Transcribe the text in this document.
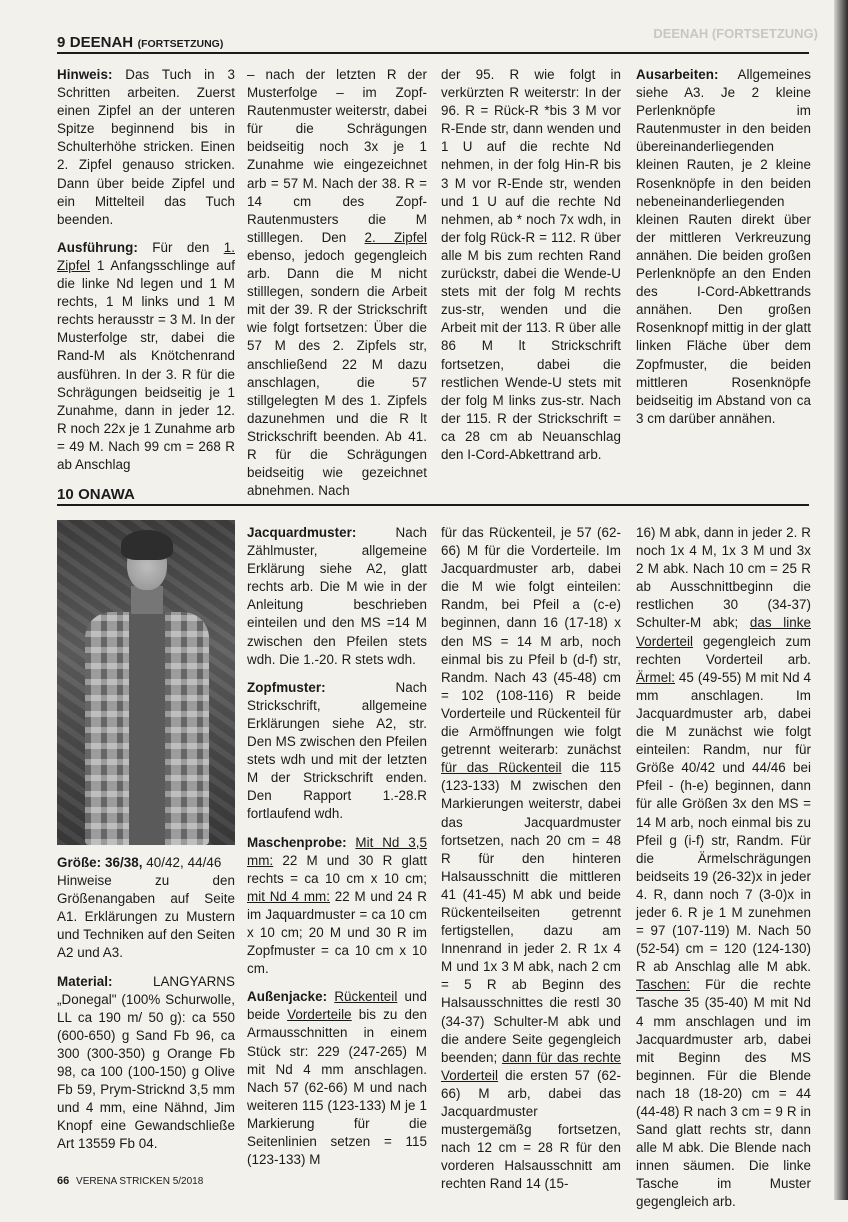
DEENAH (FORTSETZUNG)
9 DEENAH (FORTSETZUNG)

Hinweis: Das Tuch in 3 Schritten arbeiten. Zuerst einen Zipfel an der unteren Spitze beginnend bis in Schulterhöhe stricken. Einen 2. Zipfel genauso stricken. Dann über beide Zipfel und ein Mittelteil das Tuch beenden.

Ausführung: Für den 1. Zipfel 1 Anfangsschlinge auf die linke Nd legen und 1 M rechts, 1 M links und 1 M rechts herausstr = 3 M. In der Musterfolge str, dabei die Rand-M als Knötchenrand ausführen. In der 3. R für die Schrägungen beidseitig je 1 Zunahme, dann in jeder 12. R noch 22x je 1 Zunahme arb = 49 M. Nach 99 cm = 268 R ab Anschlag

– nach der letzten R der Musterfolge – im Zopf-Rautenmuster weiterstr, dabei für die Schrägungen beidseitig noch 3x je 1 Zunahme wie eingezeichnet arb = 57 M. Nach der 38. R = 14 cm des Zopf-Rautenmusters die M stilllegen. Den 2. Zipfel ebenso, jedoch gegengleich arb. Dann die M nicht stilllegen, sondern die Arbeit mit der 39. R der Strickschrift wie folgt fortsetzen: Über die 57 M des 2. Zipfels str, anschließend 22 M dazu anschlagen, die 57 stillgelegten M des 1. Zipfels dazunehmen und die R lt Strickschrift beenden. Ab 41. R für die Schrägungen beidseitig wie gezeichnet abnehmen. Nach

der 95. R wie folgt in verkürzten R weiterstr: In der 96. R = Rück-R *bis 3 M vor R-Ende str, dann wenden und 1 U auf die rechte Nd nehmen, in der folg Hin-R bis 3 M vor R-Ende str, wenden und 1 U auf die rechte Nd nehmen, ab * noch 7x wdh, in der folg Rück-R = 112. R über alle M bis zum rechten Rand zurückstr, dabei die Wende-U stets mit der folg M rechts zus-str, wenden und die Arbeit mit der 113. R über alle 86 M lt Strickschrift fortsetzen, dabei die restlichen Wende-U stets mit der folg M links zus-str. Nach der 115. R der Strickschrift = ca 28 cm ab Neuanschlag den I-Cord-Abkettrand arb.

Ausarbeiten: Allgemeines siehe A3. Je 2 kleine Perlenknöpfe im Rautenmuster in den beiden übereinanderliegenden kleinen Rauten, je 2 kleine Rosenknöpfe in den beiden nebeneinanderliegenden kleinen Rauten direkt über der mittleren Verkreuzung annähen. Die beiden großen Perlenknöpfe an den Enden des I-Cord-Abkettrands annähen. Den großen Rosenknopf mittig in der glatt linken Fläche über dem Zopfmuster, die beiden mittleren Rosenknöpfe beidseitig im Abstand von ca 3 cm darüber annähen.

10 ONAWA

Größe: 36/38, 40/42, 44/46

Hinweise zu den Größenangaben auf Seite A1. Erklärungen zu Mustern und Techniken auf den Seiten A2 und A3.

Material: LANGYARNS „Donegal" (100% Schurwolle, LL ca 190 m/ 50 g): ca 550 (600-650) g Sand Fb 96, ca 300 (300-350) g Orange Fb 98, ca 100 (100-150) g Olive Fb 59, Prym-Stricknd 3,5 mm und 4 mm, eine Nähnd, Jim Knopf eine Gewandschließe Art 13559 Fb 04.

Jacquardmuster: Nach Zählmuster, allgemeine Erklärung siehe A2, glatt rechts arb. Die M wie in der Anleitung beschrieben einteilen und den MS =14 M zwischen den Pfeilen stets wdh. Die 1.-20. R stets wdh.

Zopfmuster: Nach Strickschrift, allgemeine Erklärungen siehe A2, str. Den MS zwischen den Pfeilen stets wdh und mit der letzten M der Strickschrift enden. Den Rapport 1.-28.R fortlaufend wdh.

Maschenprobe: Mit Nd 3,5 mm: 22 M und 30 R glatt rechts = ca 10 cm x 10 cm; mit Nd 4 mm: 22 M und 24 R im Jaquardmuster = ca 10 cm x 10 cm; 20 M und 30 R im Zopfmuster = ca 10 cm x 10 cm.

Außenjacke: Rückenteil und beide Vorderteile bis zu den Armausschnitten in einem Stück str: 229 (247-265) M mit Nd 4 mm anschlagen. Nach 57 (62-66) M und nach weiteren 115 (123-133) M je 1 Markierung für die Seitenlinien setzen = 115 (123-133) M

für das Rückenteil, je 57 (62-66) M für die Vorderteile. Im Jacquardmuster arb, dabei die M wie folgt einteilen: Randm, bei Pfeil a (c-e) beginnen, dann 16 (17-18) x den MS = 14 M arb, noch einmal bis zu Pfeil b (d-f) str, Randm. Nach 43 (45-48) cm = 102 (108-116) R beide Vorderteile und Rückenteil für die Armöffnungen wie folgt getrennt weiterarb: zunächst für das Rückenteil die 115 (123-133) M zwischen den Markierungen weiterstr, dabei das Jacquardmuster fortsetzen, nach 20 cm = 48 R für den hinteren Halsausschnitt die mittleren 41 (41-45) M abk und beide Rückenteilseiten getrennt fertigstellen, dazu am Innenrand in jeder 2. R 1x 4 M und 1x 3 M abk, nach 2 cm = 5 R ab Beginn des Halsausschnittes die restl 30 (34-37) Schulter-M abk und die andere Seite gegengleich beenden; dann für das rechte Vorderteil die ersten 57 (62-66) M arb, dabei das Jacquardmuster mustergemäßg fortsetzen, nach 12 cm = 28 R für den vorderen Halsausschnitt am rechten Rand 14 (15-

16) M abk, dann in jeder 2. R noch 1x 4 M, 1x 3 M und 3x 2 M abk. Nach 10 cm = 25 R ab Ausschnittbeginn die restlichen 30 (34-37) Schulter-M abk; das linke Vorderteil gegengleich zum rechten Vorderteil arb. Ärmel: 45 (49-55) M mit Nd 4 mm anschlagen. Im Jacquardmuster arb, dabei die M zunächst wie folgt einteilen: Randm, nur für Größe 40/42 und 44/46 bei Pfeil - (h-e) beginnen, dann für alle Größen 3x den MS = 14 M arb, noch einmal bis zu Pfeil g (i-f) str, Randm. Für die Ärmelschrägungen beidseits 19 (26-32)x in jeder 4. R, dann noch 7 (3-0)x in jeder 6. R je 1 M zunehmen = 97 (107-119) M. Nach 50 (52-54) cm = 120 (124-130) R ab Anschlag alle M abk. Taschen: Für die rechte Tasche 35 (35-40) M mit Nd 4 mm anschlagen und im Jacquardmuster arb, dabei mit Beginn des MS beginnen. Für die Blende nach 18 (18-20) cm = 44 (44-48) R nach 3 cm = 9 R in Sand glatt rechts str, dann alle M abk. Die Blende nach innen säumen. Die linke Tasche im Muster gegengleich arb.

66 VERENA STRICKEN 5/2018
